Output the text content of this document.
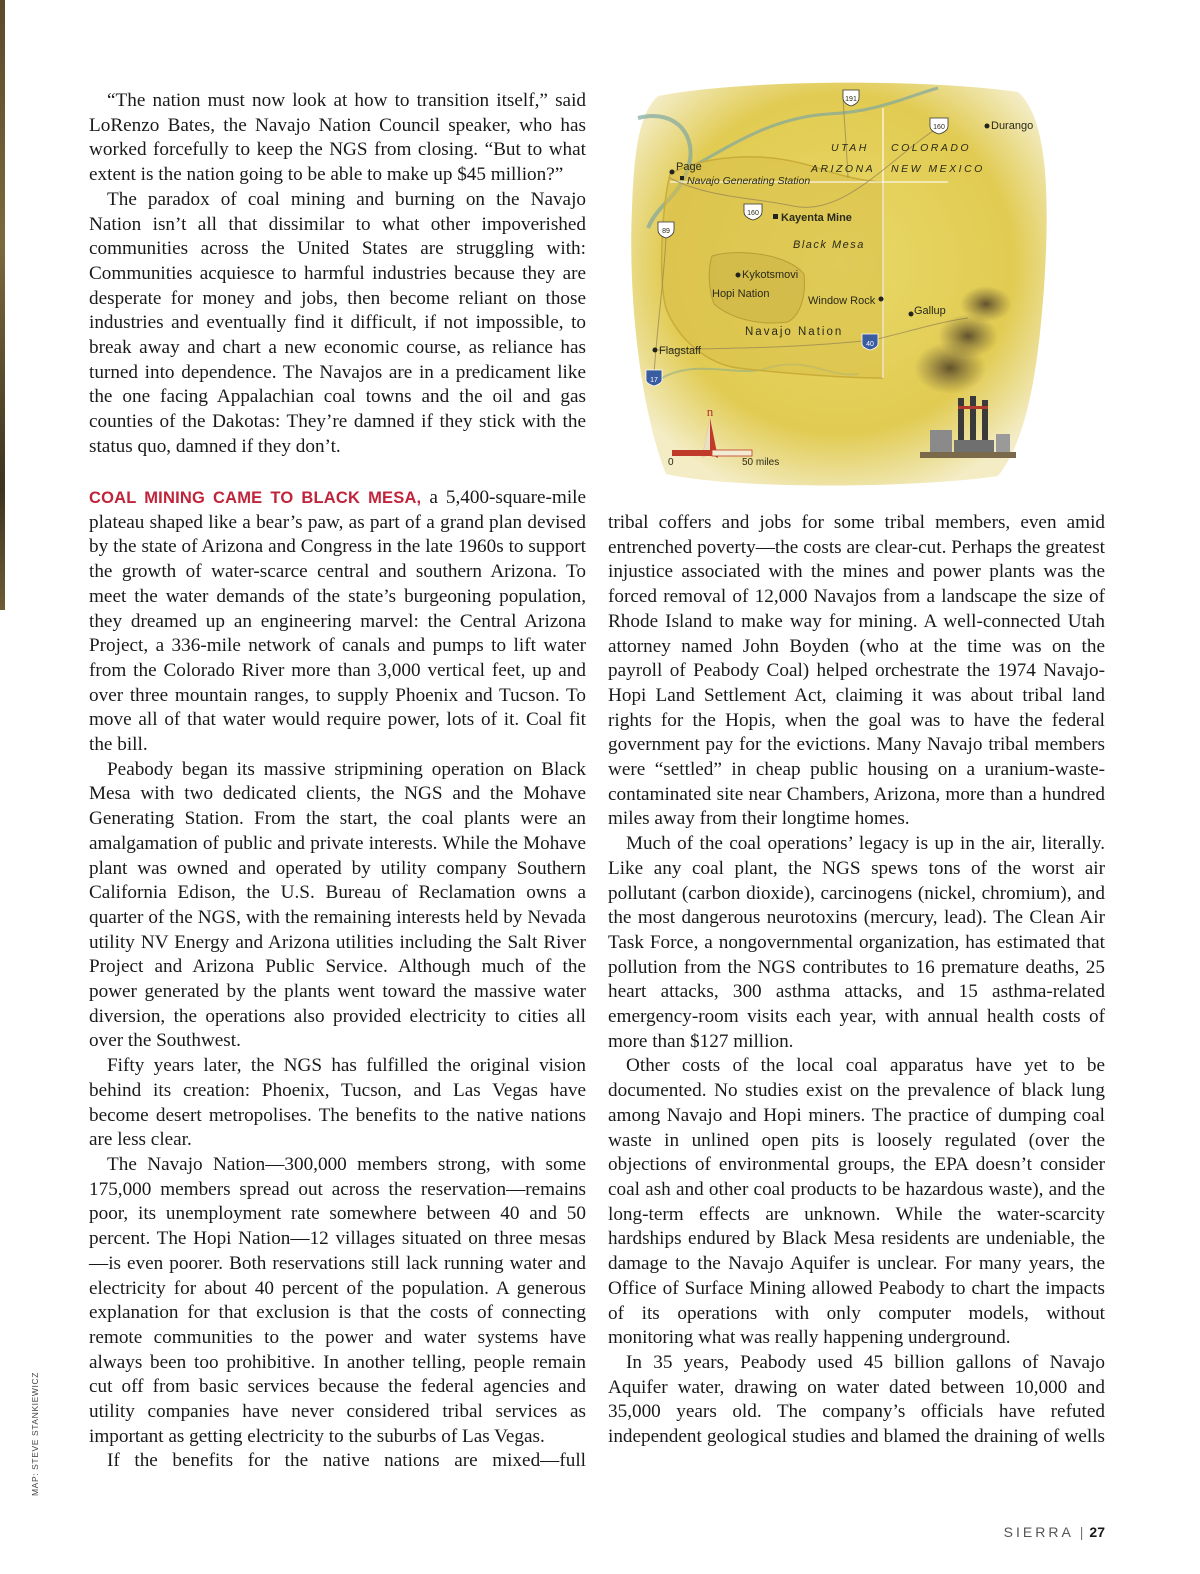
“The nation must now look at how to transition itself,” said LoRenzo Bates, the Navajo Nation Council speaker, who has worked forcefully to keep the NGS from closing. “But to what extent is the nation going to be able to make up $45 million?”

The paradox of coal mining and burning on the Navajo Nation isn’t all that dissimilar to what other impoverished communities across the United States are struggling with: Communities acquiesce to harmful industries because they are desperate for money and jobs, then become reliant on those industries and eventually find it difficult, if not impossible, to break away and chart a new economic course, as reliance has turned into dependence. The Navajos are in a predicament like the one facing Appalachian coal towns and the oil and gas counties of the Dakotas: They’re damned if they stick with the status quo, damned if they don’t.

191
160
160
89
40
17
Page
Navajo Generating Station
Kayenta Mine
Black Mesa
Kykotsmovi
Hopi Nation
Window Rock
Gallup
Navajo Nation
Flagstaff
Durango
UTAH
ARIZONA
COLORADO
NEW MEXICO
n
0	50 miles

COAL MINING CAME TO BLACK MESA, a 5,400-square-mile plateau shaped like a bear’s paw, as part of a grand plan devised by the state of Arizona and Congress in the late 1960s to support the growth of water-scarce central and southern Arizona. To meet the water demands of the state’s burgeoning population, they dreamed up an engineering marvel: the Central Arizona Project, a 336-mile network of canals and pumps to lift water from the Colorado River more than 3,000 vertical feet, up and over three mountain ranges, to supply Phoenix and Tucson. To move all of that water would require power, lots of it. Coal fit the bill.

Peabody began its massive stripmining operation on Black Mesa with two dedicated clients, the NGS and the Mohave Generating Station. From the start, the coal plants were an amalgamation of public and private interests. While the Mohave plant was owned and operated by utility company Southern California Edison, the U.S. Bureau of Reclamation owns a quarter of the NGS, with the remaining interests held by Nevada utility NV Energy and Arizona utilities including the Salt River Project and Arizona Public Service. Although much of the power generated by the plants went toward the massive water diversion, the operations also provided electricity to cities all over the Southwest.

Fifty years later, the NGS has fulfilled the original vision behind its creation: Phoenix, Tucson, and Las Vegas have become desert metropolises. The benefits to the native nations are less clear.

The Navajo Nation—300,000 members strong, with some 175,000 members spread out across the reservation—remains poor, its unemployment rate somewhere between 40 and 50 percent. The Hopi Nation—12 villages situated on three mesas—is even poorer. Both reservations still lack running water and electricity for about 40 percent of the population. A generous explanation for that exclusion is that the costs of connecting remote communities to the power and water systems have always been too prohibitive. In another telling, people remain cut off from basic services because the federal agencies and utility companies have never considered tribal services as important as getting electricity to the suburbs of Las Vegas.

If the benefits for the native nations are mixed—full

tribal coffers and jobs for some tribal members, even amid entrenched poverty—the costs are clear-cut. Perhaps the greatest injustice associated with the mines and power plants was the forced removal of 12,000 Navajos from a landscape the size of Rhode Island to make way for mining. A well-connected Utah attorney named John Boyden (who at the time was on the payroll of Peabody Coal) helped orchestrate the 1974 Navajo-Hopi Land Settlement Act, claiming it was about tribal land rights for the Hopis, when the goal was to have the federal government pay for the evictions. Many Navajo tribal members were “settled” in cheap public housing on a uranium-waste-contaminated site near Chambers, Arizona, more than a hundred miles away from their longtime homes.

Much of the coal operations’ legacy is up in the air, literally. Like any coal plant, the NGS spews tons of the worst air pollutant (carbon dioxide), carcinogens (nickel, chromium), and the most dangerous neurotoxins (mercury, lead). The Clean Air Task Force, a nongovernmental organization, has estimated that pollution from the NGS contributes to 16 premature deaths, 25 heart attacks, 300 asthma attacks, and 15 asthma-related emergency-room visits each year, with annual health costs of more than $127 million.

Other costs of the local coal apparatus have yet to be documented. No studies exist on the prevalence of black lung among Navajo and Hopi miners. The practice of dumping coal waste in unlined open pits is loosely regulated (over the objections of environmental groups, the EPA doesn’t consider coal ash and other coal products to be hazardous waste), and the long-term effects are unknown. While the water-scarcity hardships endured by Black Mesa residents are undeniable, the damage to the Navajo Aquifer is unclear. For many years, the Office of Surface Mining allowed Peabody to chart the impacts of its operations with only computer models, without monitoring what was really happening underground.

In 35 years, Peabody used 45 billion gallons of Navajo Aquifer water, drawing on water dated between 10,000 and 35,000 years old. The company’s officials have refuted independent geological studies and blamed the draining of wells

MAP: STEVE STANKIEWICZ
SIERRA | 27
